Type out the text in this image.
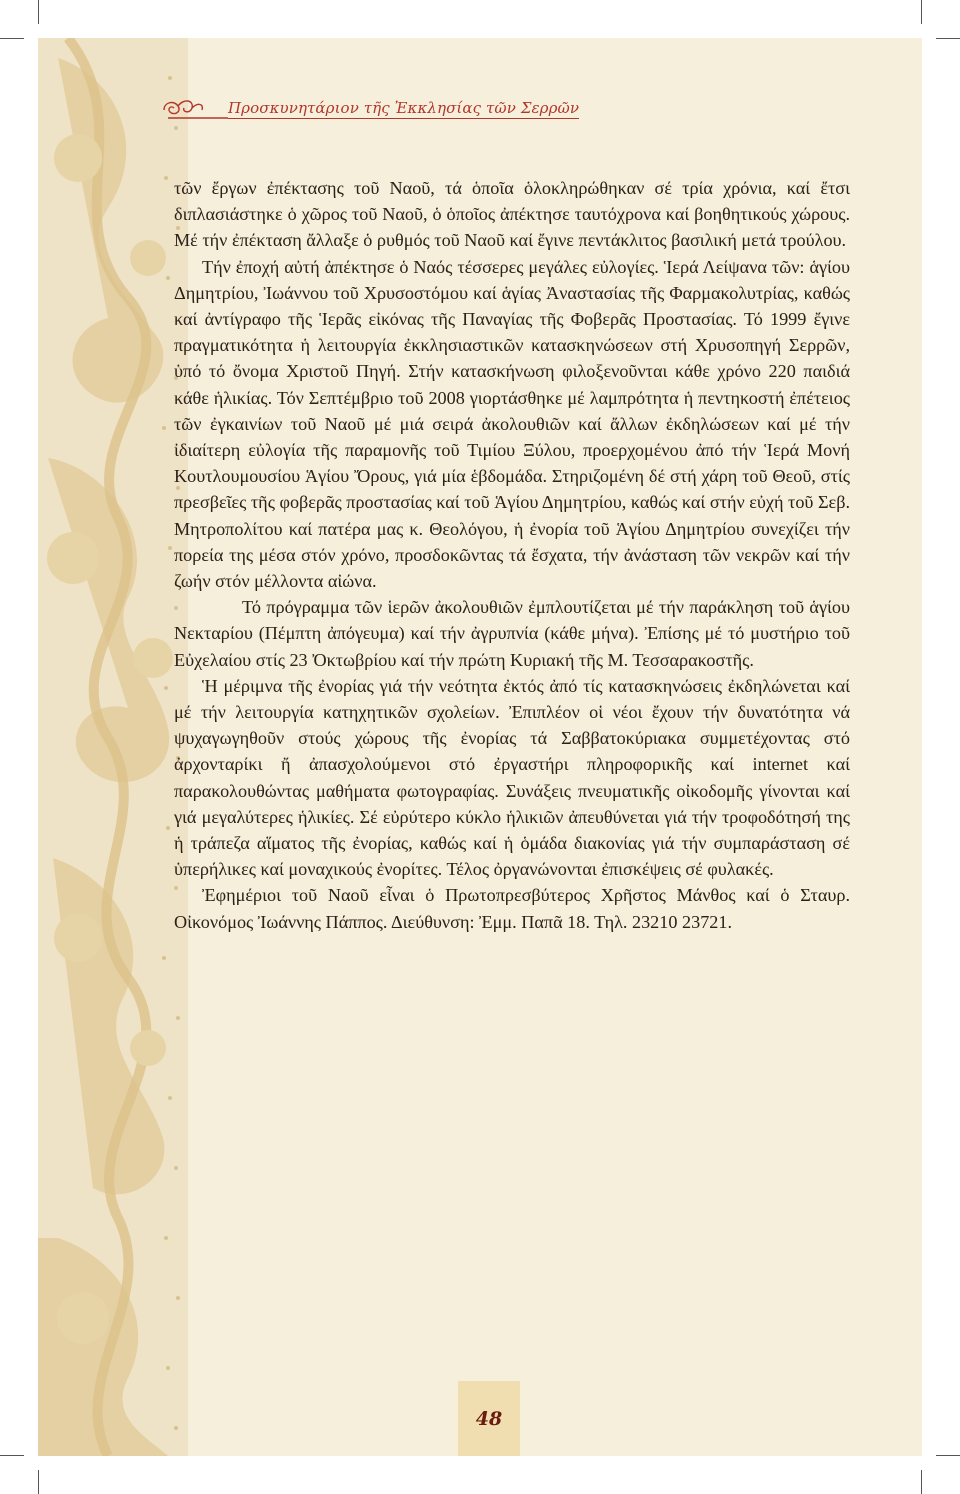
Προσκυνητάριον τῆς Ἐκκλησίας τῶν Σερρῶν

τῶν ἔργων ἐπέκτασης τοῦ Ναοῦ, τά ὁποῖα ὁλοκληρώθηκαν σέ τρία χρόνια, καί ἔτσι διπλασιάστηκε ὁ χῶρος τοῦ Ναοῦ, ὁ ὁποῖος ἀπέκτησε ταυτόχρονα καί βοηθητικούς χώρους. Μέ τήν ἐπέκταση ἄλλαξε ὁ ρυθμός τοῦ Ναοῦ καί ἔγινε πεντάκλιτος βασιλική μετά τρούλου.

Τήν ἐποχή αὐτή ἀπέκτησε ὁ Ναός τέσσερες μεγάλες εὐλογίες. Ἱερά Λείψανα τῶν: ἁγίου Δημητρίου, Ἰωάννου τοῦ Χρυσοστόμου καί ἁγίας Ἀναστασίας τῆς Φαρμακολυτρίας, καθώς καί ἀντίγραφο τῆς Ἱερᾶς εἰκόνας τῆς Παναγίας τῆς Φοβερᾶς Προστασίας. Τό 1999 ἔγινε πραγματικότητα ἡ λειτουργία ἐκκλησιαστικῶν κατασκηνώσεων στή Χρυσοπηγή Σερρῶν, ὑπό τό ὄνομα Χριστοῦ Πηγή. Στήν κατασκήνωση φιλοξενοῦνται κάθε χρόνο 220 παιδιά κάθε ἡλικίας. Τόν Σεπτέμβριο τοῦ 2008 γιορτάσθηκε μέ λαμπρότητα ἡ πεντηκοστή ἐπέτειος τῶν ἐγκαινίων τοῦ Ναοῦ μέ μιά σειρά ἀκολουθιῶν καί ἄλλων ἐκδηλώσεων καί μέ τήν ἰδιαίτερη εὐλογία τῆς παραμονῆς τοῦ Τιμίου Ξύλου, προερχομένου ἀπό τήν Ἱερά Μονή Κουτλουμουσίου Ἁγίου Ὄρους, γιά μία ἑβδομάδα. Στηριζομένη δέ στή χάρη τοῦ Θεοῦ, στίς πρεσβεῖες τῆς φοβερᾶς προστασίας καί τοῦ Ἁγίου Δημητρίου, καθώς καί στήν εὐχή τοῦ Σεβ. Μητροπολίτου καί πατέρα μας κ. Θεολόγου, ἡ ἐνορία τοῦ Ἁγίου Δημητρίου συνεχίζει τήν πορεία της μέσα στόν χρόνο, προσδοκῶντας τά ἔσχατα, τήν ἀνάσταση τῶν νεκρῶν καί τήν ζωήν στόν μέλλοντα αἰώνα.

Τό πρόγραμμα τῶν ἱερῶν ἀκολουθιῶν ἐμπλουτίζεται μέ τήν παράκληση τοῦ ἁγίου Νεκταρίου (Πέμπτη ἀπόγευμα) καί τήν ἀγρυπνία (κάθε μήνα). Ἐπίσης μέ τό μυστήριο τοῦ Εὐχελαίου στίς 23 Ὀκτωβρίου καί τήν πρώτη Κυριακή τῆς Μ. Τεσσαρακοστῆς.

Ἡ μέριμνα τῆς ἐνορίας γιά τήν νεότητα ἐκτός ἀπό τίς κατασκηνώσεις ἐκδηλώνεται καί μέ τήν λειτουργία κατηχητικῶν σχολείων. Ἐπιπλέον οἱ νέοι ἔχουν τήν δυνατότητα νά ψυχαγωγηθοῦν στούς χώρους τῆς ἐνορίας τά Σαββατοκύριακα συμμετέχοντας στό ἀρχονταρίκι ἤ ἀπασχολούμενοι στό ἐργαστήρι πληροφορικῆς καί internet καί παρακολουθώντας μαθήματα φωτογραφίας. Συνάξεις πνευματικῆς οἰκοδομῆς γίνονται καί γιά μεγαλύτερες ἡλικίες. Σέ εὐρύτερο κύκλο ἡλικιῶν ἀπευθύνεται γιά τήν τροφοδότησή της ἡ τράπεζα αἵματος τῆς ἐνορίας, καθώς καί ἡ ὁμάδα διακονίας γιά τήν συμπαράσταση σέ ὑπερήλικες καί μοναχικούς ἐνορίτες. Τέλος ὀργανώνονται ἐπισκέψεις σέ φυλακές.

Ἐφημέριοι τοῦ Ναοῦ εἶναι ὁ Πρωτοπρεσβύτερος Χρῆστος Μάνθος καί ὁ Σταυρ. Οἰκονόμος Ἰωάννης Πάππος. Διεύθυνση: Ἐμμ. Παπᾶ 18. Τηλ. 23210 23721.

48
